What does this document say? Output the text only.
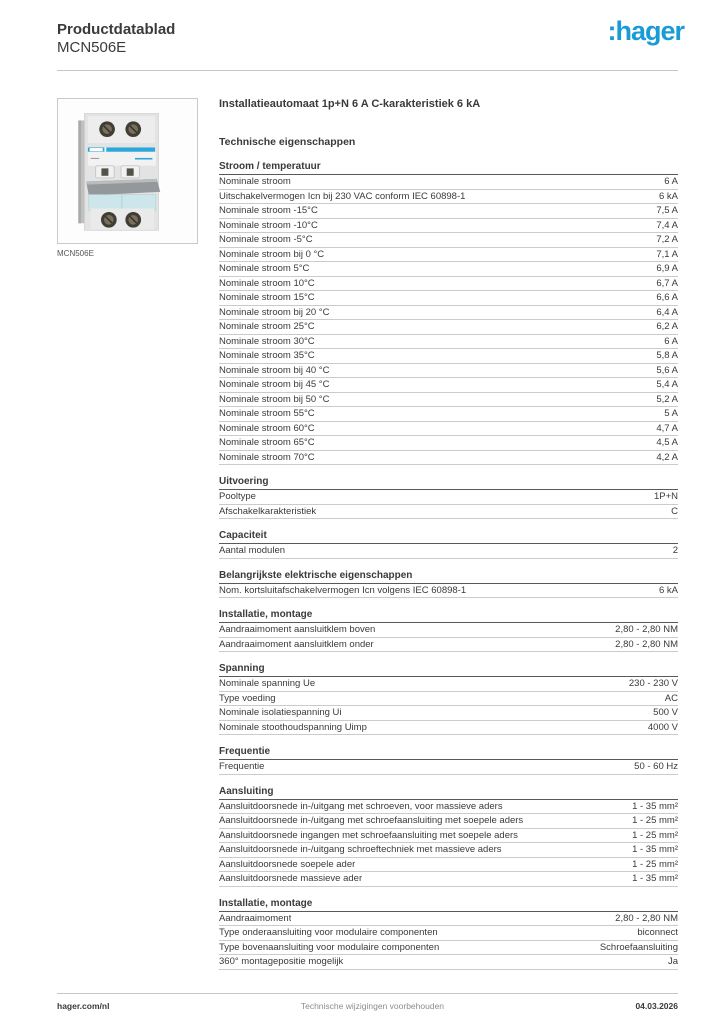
Productdatablad
MCN506E
:hager
MCN506E
Installatieautomaat 1p+N 6 A C-karakteristiek 6 kA
Technische eigenschappen
Stroom / temperatuur
Nominale stroom	6 A
Uitschakelvermogen Icn bij 230 VAC conform IEC 60898-1	6 kA
Nominale stroom -15°C	7,5 A
Nominale stroom -10°C	7,4 A
Nominale stroom -5°C	7,2 A
Nominale stroom bij 0 °C	7,1 A
Nominale stroom 5°C	6,9 A
Nominale stroom 10°C	6,7 A
Nominale stroom 15°C	6,6 A
Nominale stroom bij 20 °C	6,4 A
Nominale stroom 25°C	6,2 A
Nominale stroom 30°C	6 A
Nominale stroom 35°C	5,8 A
Nominale stroom bij 40 °C	5,6 A
Nominale stroom bij 45 °C	5,4 A
Nominale stroom bij 50 °C	5,2 A
Nominale stroom 55°C	5 A
Nominale stroom 60°C	4,7 A
Nominale stroom 65°C	4,5 A
Nominale stroom 70°C	4,2 A
Uitvoering
Pooltype	1P+N
Afschakelkarakteristiek	C
Capaciteit
Aantal modulen	2
Belangrijkste elektrische eigenschappen
Nom. kortsluitafschakelvermogen Icn volgens IEC 60898-1	6 kA
Installatie, montage
Aandraaimoment aansluitklem boven	2,80 - 2,80 NM
Aandraaimoment aansluitklem onder	2,80 - 2,80 NM
Spanning
Nominale spanning Ue	230 - 230 V
Type voeding	AC
Nominale isolatiespanning Ui	500 V
Nominale stoothoudspanning Uimp	4000 V
Frequentie
Frequentie	50 - 60 Hz
Aansluiting
Aansluitdoorsnede in-/uitgang met schroeven, voor massieve aders	1 - 35 mm²
Aansluitdoorsnede in-/uitgang met schroefaansluiting met soepele aders	1 - 25 mm²
Aansluitdoorsnede ingangen met schroefaansluiting met soepele aders	1 - 25 mm²
Aansluitdoorsnede in-/uitgang schroeftechniek met massieve aders	1 - 35 mm²
Aansluitdoorsnede soepele ader	1 - 25 mm²
Aansluitdoorsnede massieve ader	1 - 35 mm²
Installatie, montage
Aandraaimoment	2,80 - 2,80 NM
Type onderaansluiting voor modulaire componenten	biconnect
Type bovenaansluiting voor modulaire componenten	Schroefaansluiting
360° montagepositie mogelijk	Ja
hager.com/nl	Technische wijzigingen voorbehouden	04.03.2026
